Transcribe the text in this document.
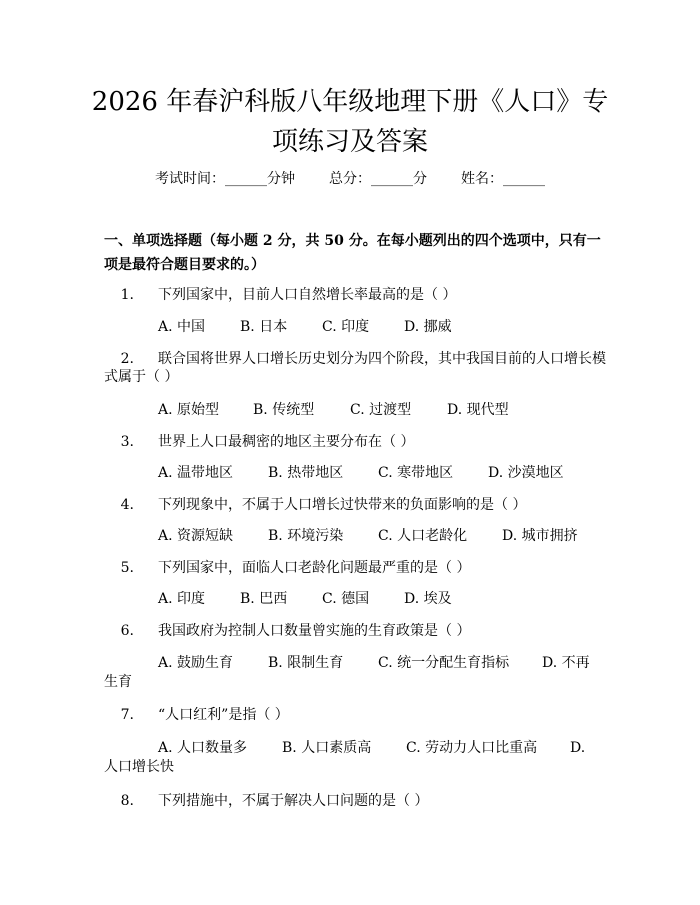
2026 年春沪科版八年级地理下册《人口》专
项练习及答案
考试时间：______分钟 总分：______分 姓名：______
一、单项选择题（每小题 2 分，共 50 分。在每小题列出的四个选项中，只有一项是最符合题目要求的。）
1. 下列国家中，目前人口自然增长率最高的是（ ）
A. 中国 B. 日本 C. 印度 D. 挪威
2. 联合国将世界人口增长历史划分为四个阶段，其中我国目前的人口增长模
式属于（ ）
A. 原始型 B. 传统型	C. 过渡型	D. 现代型
3. 世界上人口最稠密的地区主要分布在（ ）
A. 温带地区 B. 热带地区 C. 寒带地区 D. 沙漠地区
4. 下列现象中，不属于人口增长过快带来的负面影响的是（ ）
A. 资源短缺 B. 环境污染 C. 人口老龄化 D. 城市拥挤
5. 下列国家中，面临人口老龄化问题最严重的是（ ）
A. 印度 B. 巴西 C. 德国 D. 埃及
6. 我国政府为控制人口数量曾实施的生育政策是（ ）
A. 鼓励生育 B. 限制生育 C. 统一分配生育指标 D. 不再
生育
7. “人口红利”是指（ ）
A. 人口数量多 B. 人口素质高 C. 劳动力人口比重高 D.
人口增长快
8. 下列措施中，不属于解决人口问题的是（ ）
